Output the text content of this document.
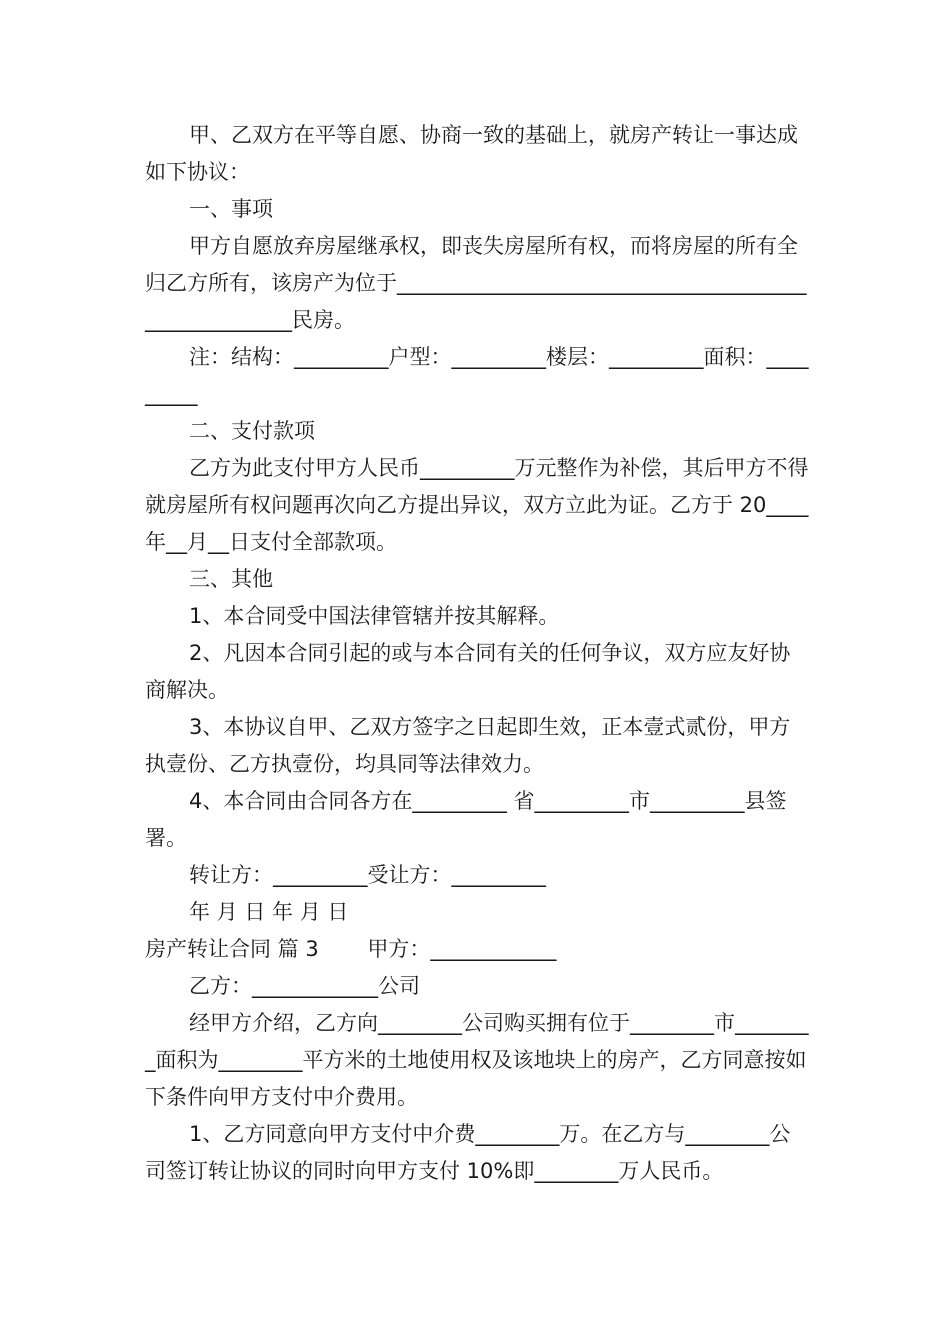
甲、乙双方在平等自愿、协商一致的基础上，就房产转让一事达成如下协议：

一、事项

甲方自愿放弃房屋继承权，即丧失房屋所有权，而将房屋的所有全归乙方所有，该房产为位于_____________________________________________________民房。

注：结构：_________户型：_________楼层：_________面积：_________

二、支付款项

乙方为此支付甲方人民币_________万元整作为补偿，其后甲方不得就房屋所有权问题再次向乙方提出异议，双方立此为证。乙方于 20____年__月__日支付全部款项。

三、其他

1、本合同受中国法律管辖并按其解释。

2、凡因本合同引起的或与本合同有关的任何争议，双方应友好协商解决。

3、本协议自甲、乙双方签字之日起即生效，正本壹式贰份，甲方执壹份、乙方执壹份，均具同等法律效力。

4、本合同由合同各方在_________ 省_________市_________县签署。

转让方：_________受让方：_________

年 月 日 年 月 日

房产转让合同 篇 3　　 甲方：____________

乙方：____________公司

经甲方介绍，乙方向________公司购买拥有位于________市________面积为________平方米的土地使用权及该地块上的房产，乙方同意按如下条件向甲方支付中介费用。

1、乙方同意向甲方支付中介费________万。在乙方与________公司签订转让协议的同时向甲方支付 10%即________万人民币。
